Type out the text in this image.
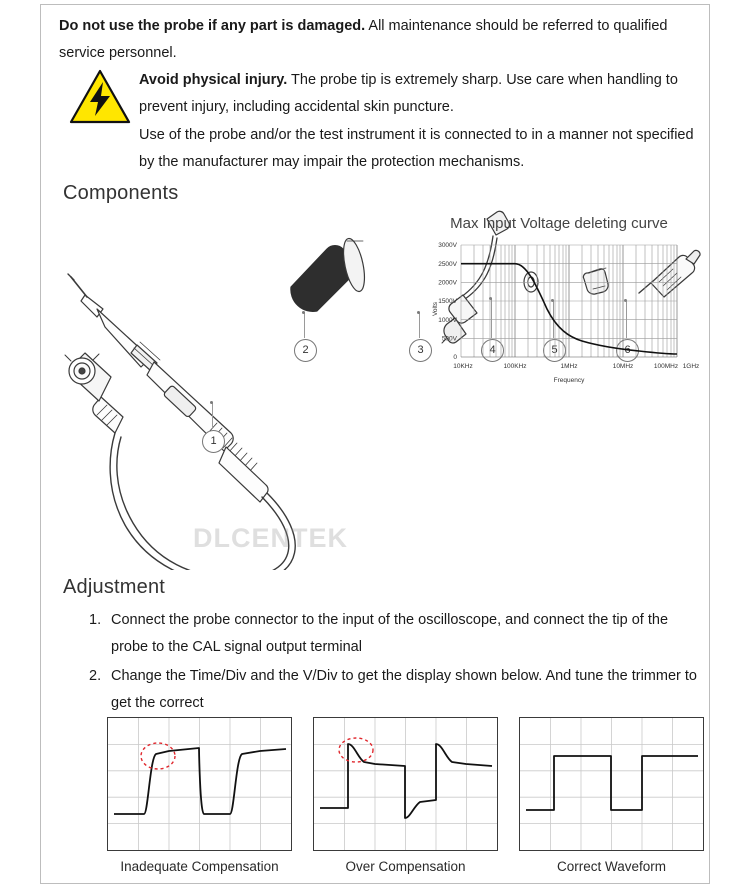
Do not use the probe if any part is damaged. All maintenance should be referred to qualified service personnel.

Avoid physical injury. The probe tip is extremely sharp. Use care when handling to prevent injury, including accidental skin puncture.

Use of the probe and/or the test instrument it is connected to in a manner not specified by the manufacturer may impair the protection mechanisms.

Components
1
2	3	4	5	6
DLCENTEK
Max Input Voltage deleting curve
3000V
2500V
2000V
1500V
1000V
500V
0
10KHz	100KHz	1MHz	10MHz	100MHz 1GHz
Frequency
Volts
Adjustment
1. Connect the probe connector to the input of the oscilloscope, and connect the tip of the probe to the CAL signal output terminal
2. Change the Time/Div and the V/Div to get the display shown below. And tune the trimmer to get the correct
Inadequate Compensation	Over Compensation	Correct Waveform
